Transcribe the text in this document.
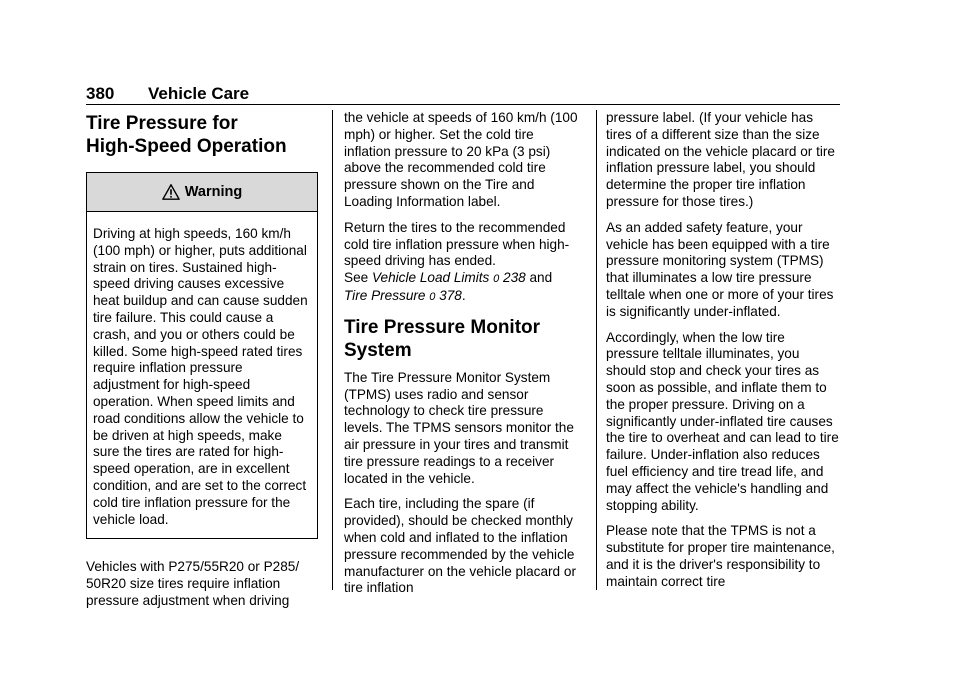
380 Vehicle Care
Tire Pressure for
High-Speed Operation
Warning
Driving at high speeds, 160 km/h (100 mph) or higher, puts additional strain on tires. Sustained high-speed driving causes excessive heat buildup and can cause sudden tire failure. This could cause a crash, and you or others could be killed. Some high-speed rated tires require inflation pressure adjustment for high-speed operation. When speed limits and road conditions allow the vehicle to be driven at high speeds, make sure the tires are rated for high-speed operation, are in excellent condition, and are set to the correct cold tire inflation pressure for the vehicle load.

Vehicles with P275/55R20 or P285/ 50R20 size tires require inflation pressure adjustment when driving

the vehicle at speeds of 160 km/h (100 mph) or higher. Set the cold tire inflation pressure to 20 kPa (3 psi) above the recommended cold tire pressure shown on the Tire and Loading Information label.

Return the tires to the recommended cold tire inflation pressure when high-speed driving has ended.
See Vehicle Load Limits 0 238 and
Tire Pressure 0 378.

Tire Pressure Monitor
System

The Tire Pressure Monitor System (TPMS) uses radio and sensor technology to check tire pressure levels. The TPMS sensors monitor the air pressure in your tires and transmit tire pressure readings to a receiver located in the vehicle.

Each tire, including the spare (if provided), should be checked monthly when cold and inflated to the inflation pressure recommended by the vehicle manufacturer on the vehicle placard or tire inflation

pressure label. (If your vehicle has tires of a different size than the size indicated on the vehicle placard or tire inflation pressure label, you should determine the proper tire inflation pressure for those tires.)

As an added safety feature, your vehicle has been equipped with a tire pressure monitoring system (TPMS) that illuminates a low tire pressure telltale when one or more of your tires is significantly under-inflated.

Accordingly, when the low tire pressure telltale illuminates, you should stop and check your tires as soon as possible, and inflate them to the proper pressure. Driving on a significantly under-inflated tire causes the tire to overheat and can lead to tire failure. Under-inflation also reduces fuel efficiency and tire tread life, and may affect the vehicle's handling and stopping ability.

Please note that the TPMS is not a substitute for proper tire maintenance, and it is the driver's responsibility to maintain correct tire
